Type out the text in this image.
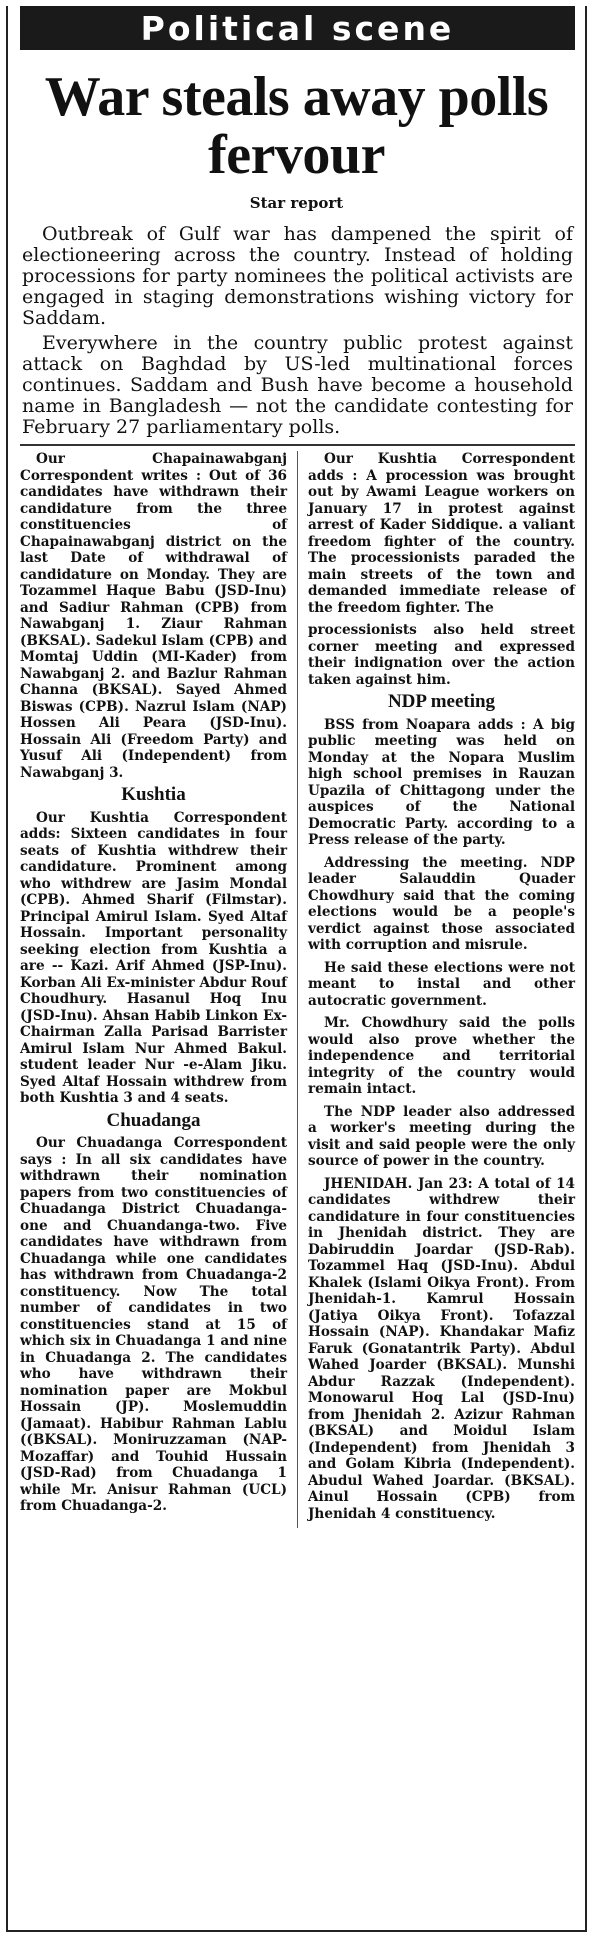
Political scene
War steals away polls fervour
Star report

Outbreak of Gulf war has dampened the spirit of electioneering across the country. Instead of holding processions for party nominees the political activists are engaged in staging demonstrations wishing victory for Saddam.

Everywhere in the country public protest against attack on Baghdad by US-led multinational forces continues. Saddam and Bush have become a household name in Bangladesh — not the candidate contesting for February 27 parliamentary polls.

Our Chapainawabganj Correspondent writes : Out of 36 candidates have withdrawn their candidature from the three constituencies of Chapainawabganj district on the last Date of withdrawal of candidature on Monday. They are Tozammel Haque Babu (JSD-Inu) and Sadiur Rahman (CPB) from Nawabganj 1. Ziaur Rahman (BKSAL). Sadekul Islam (CPB) and Momtaj Uddin (MI-Kader) from Nawabganj 2. and Bazlur Rahman Channa (BKSAL). Sayed Ahmed Biswas (CPB). Nazrul Islam (NAP) Hossen Ali Peara (JSD-Inu). Hossain Ali (Freedom Party) and Yusuf Ali (Independent) from Nawabganj 3.

Kushtia

Our Kushtia Correspondent adds: Sixteen candidates in four seats of Kushtia withdrew their candidature. Prominent among who withdrew are Jasim Mondal (CPB). Ahmed Sharif (Filmstar). Principal Amirul Islam. Syed Altaf Hossain. Important personality seeking election from Kushtia a are -- Kazi. Arif Ahmed (JSP-Inu). Korban Ali Ex-minister Abdur Rouf Choudhury. Hasanul Hoq Inu (JSD-Inu). Ahsan Habib Linkon Ex-Chairman Zalla Parisad Barrister Amirul Islam Nur Ahmed Bakul. student leader Nur -e-Alam Jiku. Syed Altaf Hossain withdrew from both Kushtia 3 and 4 seats.

Chuadanga

Our Chuadanga Correspondent says : In all six candidates have withdrawn their nomination papers from two constituencies of Chuadanga District Chuadanga-one and Chuandanga-two. Five candidates have withdrawn from Chuadanga while one candidates has withdrawn from Chuadanga-2 constituency. Now The total number of candidates in two constituencies stand at 15 of which six in Chuadanga 1 and nine in Chuadanga 2. The candidates who have withdrawn their nomination paper are Mokbul Hossain (JP). Moslemuddin (Jamaat). Habibur Rahman Lablu ((BKSAL). Moniruzzaman (NAP-Mozaffar) and Touhid Hussain (JSD-Rad) from Chuadanga 1 while Mr. Anisur Rahman (UCL) from Chuadanga-2.

Our Kushtia Correspondent adds : A procession was brought out by Awami League workers on January 17 in protest against arrest of Kader Siddique. a valiant freedom fighter of the country. The processionists paraded the main streets of the town and demanded immediate release of the freedom fighter. The

processionists also held street corner meeting and expressed their indignation over the action taken against him.

NDP meeting

BSS from Noapara adds : A big public meeting was held on Monday at the Nopara Muslim high school premises in Rauzan Upazila of Chittagong under the auspices of the National Democratic Party. according to a Press release of the party.

Addressing the meeting. NDP leader Salauddin Quader Chowdhury said that the coming elections would be a people's verdict against those associated with corruption and misrule.

He said these elections were not meant to instal and other autocratic government.

Mr. Chowdhury said the polls would also prove whether the independence and territorial integrity of the country would remain intact.

The NDP leader also addressed a worker's meeting during the visit and said people were the only source of power in the country.

JHENIDAH. Jan 23: A total of 14 candidates withdrew their candidature in four constituencies in Jhenidah district. They are Dabiruddin Joardar (JSD-Rab). Tozammel Haq (JSD-Inu). Abdul Khalek (Islami Oikya Front). From Jhenidah-1. Kamrul Hossain (Jatiya Oikya Front). Tofazzal Hossain (NAP). Khandakar Mafiz Faruk (Gonatantrik Party). Abdul Wahed Joarder (BKSAL). Munshi Abdur Razzak (Independent). Monowarul Hoq Lal (JSD-Inu) from Jhenidah 2. Azizur Rahman (BKSAL) and Moidul Islam (Independent) from Jhenidah 3 and Golam Kibria (Independent). Abudul Wahed Joardar. (BKSAL). Ainul Hossain (CPB) from Jhenidah 4 constituency.
